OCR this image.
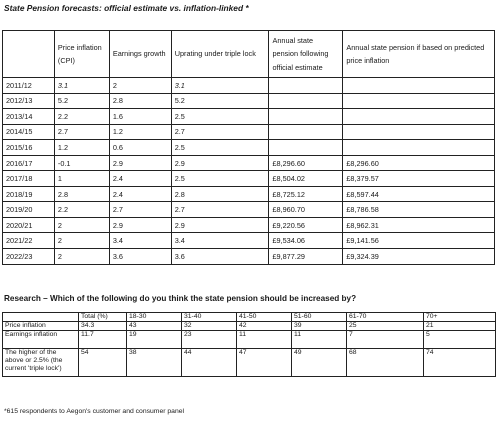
State Pension forecasts: official estimate vs. inflation-linked *
	Price inflation (CPI)	Earnings growth	Uprating under triple lock	Annual state pension following official estimate	Annual state pension if based on predicted price inflation
2011/12	3.1	2	3.1		
2012/13	5.2	2.8	5.2		
2013/14	2.2	1.6	2.5		
2014/15	2.7	1.2	2.7		
2015/16	1.2	0.6	2.5		
2016/17	-0.1	2.9	2.9	£8,296.60	£8,296.60
2017/18	1	2.4	2.5	£8,504.02	£8,379.57
2018/19	2.8	2.4	2.8	£8,725.12	£8,597.44
2019/20	2.2	2.7	2.7	£8,960.70	£8,786.58
2020/21	2	2.9	2.9	£9,220.56	£8,962.31
2021/22	2	3.4	3.4	£9,534.06	£9,141.56
2022/23	2	3.6	3.6	£9,877.29	£9,324.39
Research – Which of the following do you think the state pension should be increased by?
	Total (%)	18-30	31-40	41-50	51-60	61-70	70+
Price inflation	34.3	43	32	42	39	25	21
Earnings inflation	11.7	19	23	11	11	7	5
The higher of the above or 2.5% (the current 'triple lock')	54	38	44	47	49	68	74
*615 respondents to Aegon's customer and consumer panel
